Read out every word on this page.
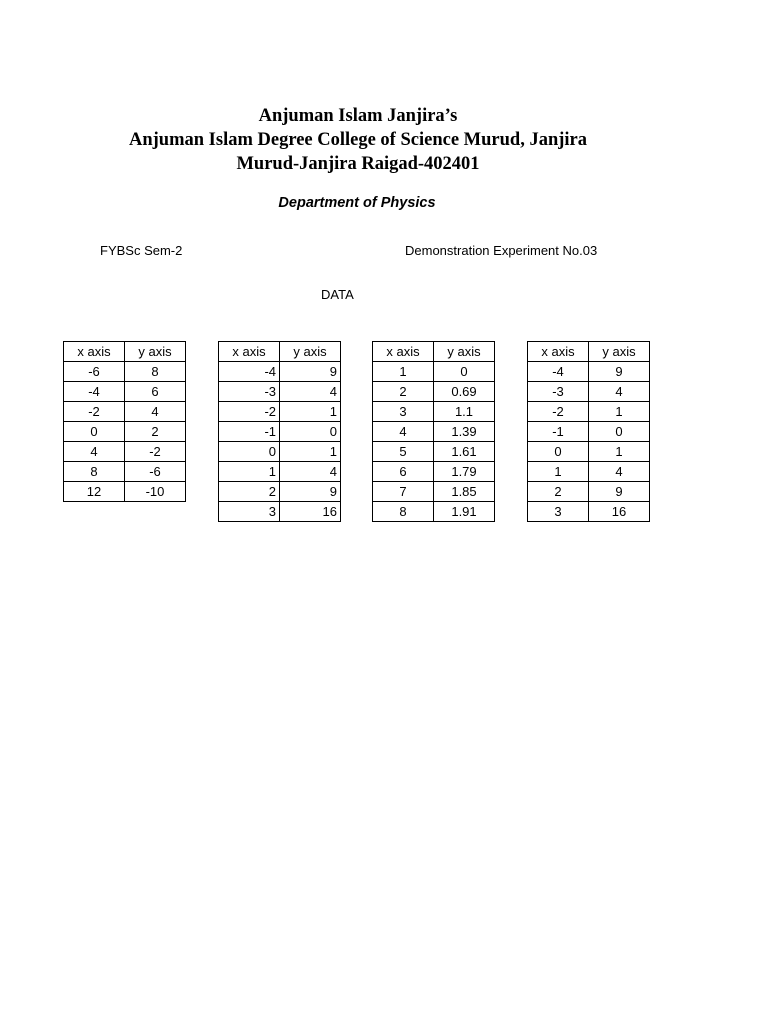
Anjuman Islam Janjira’s
Anjuman Islam Degree College of Science Murud, Janjira
Murud-Janjira Raigad-402401
Department of Physics
FYBSc Sem-2	Demonstration Experiment No.03
DATA
x axis	y axis
-6	8
-4	6
-2	4
0	2
4	-2
8	-6
12	-10
x axis	y axis
-4	9
-3	4
-2	1
-1	0
0	1
1	4
2	9
3	16
x axis	y axis
1	0
2	0.69
3	1.1
4	1.39
5	1.61
6	1.79
7	1.85
8	1.91
x axis	y axis
-4	9
-3	4
-2	1
-1	0
0	1
1	4
2	9
3	16
